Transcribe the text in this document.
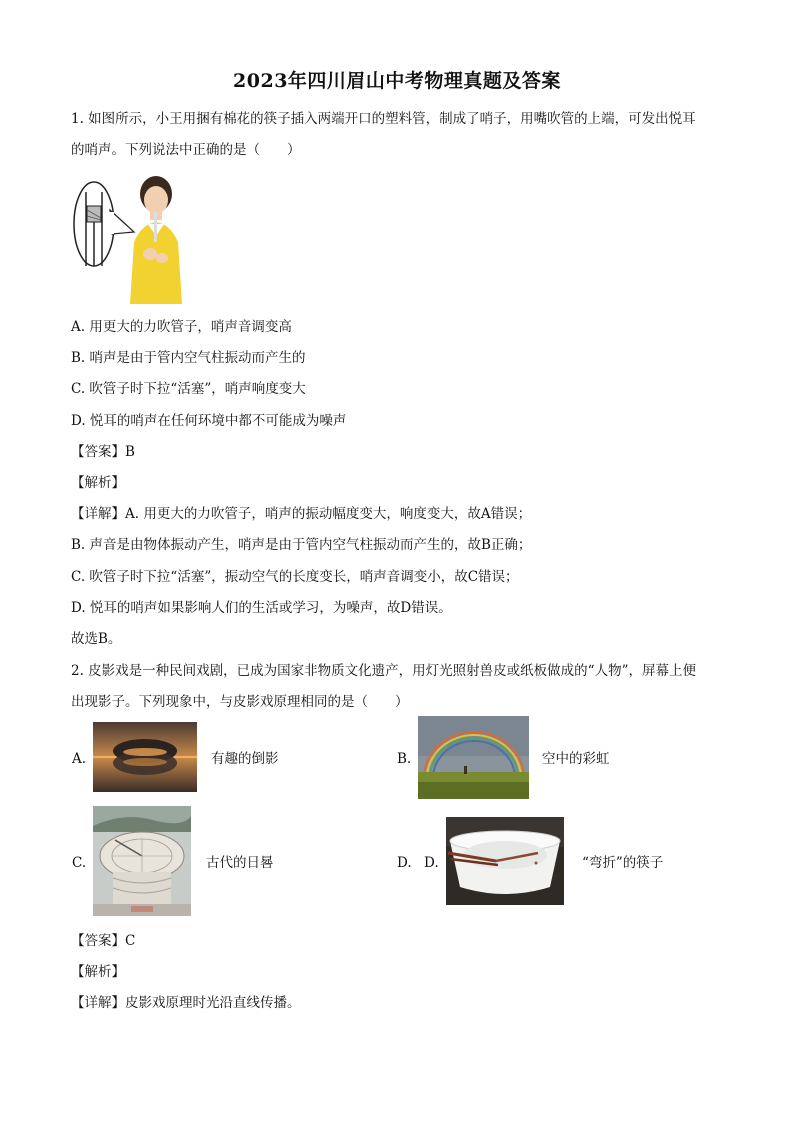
2023年四川眉山中考物理真题及答案
1. 如图所示，小王用捆有棉花的筷子插入两端开口的塑料管，制成了哨子，用嘴吹管的上端，可发出悦耳
的哨声。下列说法中正确的是（　　）
A. 用更大的力吹管子，哨声音调变高
B. 哨声是由于管内空气柱振动而产生的
C. 吹管子时下拉“活塞”，哨声响度变大
D. 悦耳的哨声在任何环境中都不可能成为噪声
【答案】B
【解析】
【详解】A. 用更大的力吹管子，哨声的振动幅度变大，响度变大，故A错误；
B. 声音是由物体振动产生，哨声是由于管内空气柱振动而产生的，故B正确；
C. 吹管子时下拉“活塞”，振动空气的长度变长，哨声音调变小，故C错误；
D. 悦耳的哨声如果影响人们的生活或学习，为噪声，故D错误。
故选B。
2. 皮影戏是一种民间戏剧，已成为国家非物质文化遗产，用灯光照射兽皮或纸板做成的“人物”，屏幕上便
出现影子。下列现象中，与皮影戏原理相同的是（　　）
A.	有趣的倒影	B.	空中的彩虹
C.	古代的日晷	D. D.	“弯折”的筷子
【答案】C
【解析】
【详解】皮影戏原理时光沿直线传播。
